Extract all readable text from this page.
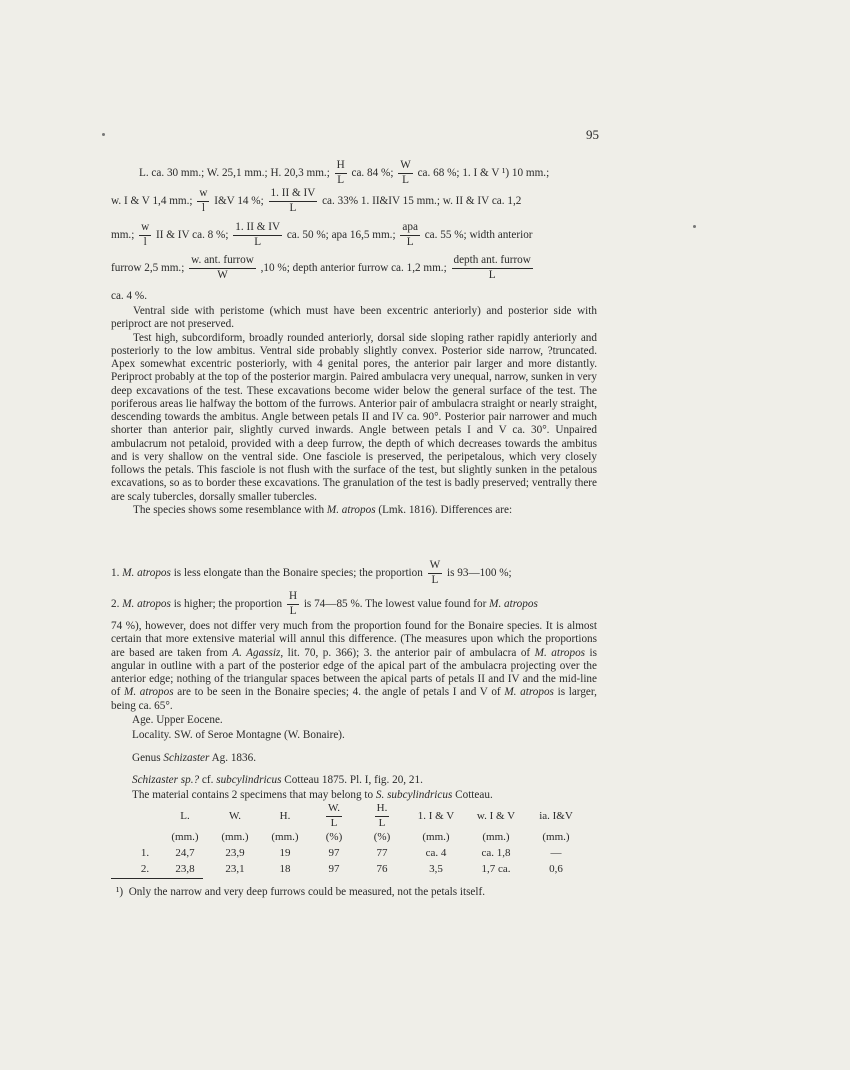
95
L. ca. 30 mm.; W. 25,1 mm.; H. 20,3 mm.; $\frac{H}{L}$ ca. 84 %; $\frac{W}{L}$ ca. 68 %; 1. I & V ¹) 10 mm.;
w. I & V 1,4 mm.; $\frac{w}{l}$ I&V 14 %; $\frac{1. II \& IV}{L}$ ca. 33% 1. II&IV 15 mm.; w. II & IV ca. 1,2
mm.; $\frac{w}{l}$ II & IV ca. 8 %; $\frac{1. II \& IV}{L}$ ca. 50 %; apa 16,5 mm.; $\frac{\text{apa}}{L}$ ca. 55 %; width anterior
furrow 2,5 mm.; $\frac{\text{w. ant. furrow}}{W} ,10$ %; depth anterior furrow ca. 1,2 mm.; $\frac{\text{depth ant. furrow}}{L}$
ca. 4 %.

Ventral side with peristome (which must have been excentric anteriorly) and posterior side with periproct are not preserved.

Test high, subcordiform, broadly rounded anteriorly, dorsal side sloping rather rapidly anteriorly and posteriorly to the low ambitus. Ventral side probably slightly convex. Posterior side narrow, ?truncated. Apex somewhat excentric posteriorly, with 4 genital pores, the anterior pair larger and more distantly. Periproct probably at the top of the posterior margin. Paired ambulacra very unequal, narrow, sunken in very deep excavations of the test. These excavations become wider below the general surface of the test. The poriferous areas lie halfway the bottom of the furrows. Anterior pair of ambulacra straight or nearly straight, descending towards the ambitus. Angle between petals II and IV ca. 90°. Posterior pair narrower and much shorter than anterior pair, slightly curved inwards. Angle between petals I and V ca. 30°. Unpaired ambulacrum not petaloid, provided with a deep furrow, the depth of which decreases towards the ambitus and is very shallow on the ventral side. One fasciole is preserved, the peripetalous, which very closely follows the petals. This fasciole is not flush with the surface of the test, but slightly sunken in the petalous excavations, so as to border these excavations. The granulation of the test is badly preserved; ventrally there are scaly tubercles, dorsally smaller tubercles.

The species shows some resemblance with M. atropos (Lmk. 1816). Differences are:

1. M. atropos is less elongate than the Bonaire species; the proportion $\frac{W}{L}$ is 93—100 %;
2. M. atropos is higher; the proportion $\frac{H}{L}$ is 74—85 %. The lowest value found for M. atropos

74 %), however, does not differ very much from the proportion found for the Bonaire species. It is almost certain that more extensive material will annul this difference. (The measures upon which the proportions are based are taken from A. Agassiz, lit. 70, p. 366); 3. the anterior pair of ambulacra of M. atropos is angular in outline with a part of the posterior edge of the apical part of the ambulacra projecting over the anterior edge; nothing of the triangular spaces between the apical parts of petals II and IV and the mid-line of M. atropos are to be seen in the Bonaire species; 4. the angle of petals I and V of M. atropos is larger, being ca. 65°.

Age. Upper Eocene.
Locality. SW. of Seroe Montagne (W. Bonaire).
Genus Schizaster Ag. 1836.
Schizaster sp.? cf. subcylindricus Cotteau 1875. Pl. I, fig. 20, 21.
The material contains 2 specimens that may belong to S. subcylindricus Cotteau.
	L.	W.	H.	$\frac{W.}{L}$	$\frac{H.}{L}$	1. I & V	w. I & V	ia. I&V
	(mm.)	(mm.)	(mm.)	(%)	(%)	(mm.)	(mm.)	(mm.)
1.	24,7	23,9	19	97	77	ca. 4	ca. 1,8	—
2.	23,8	23,1	18	97	76	3,5	1,7 ca.	0,6
¹) Only the narrow and very deep furrows could be measured, not the petals itself.
